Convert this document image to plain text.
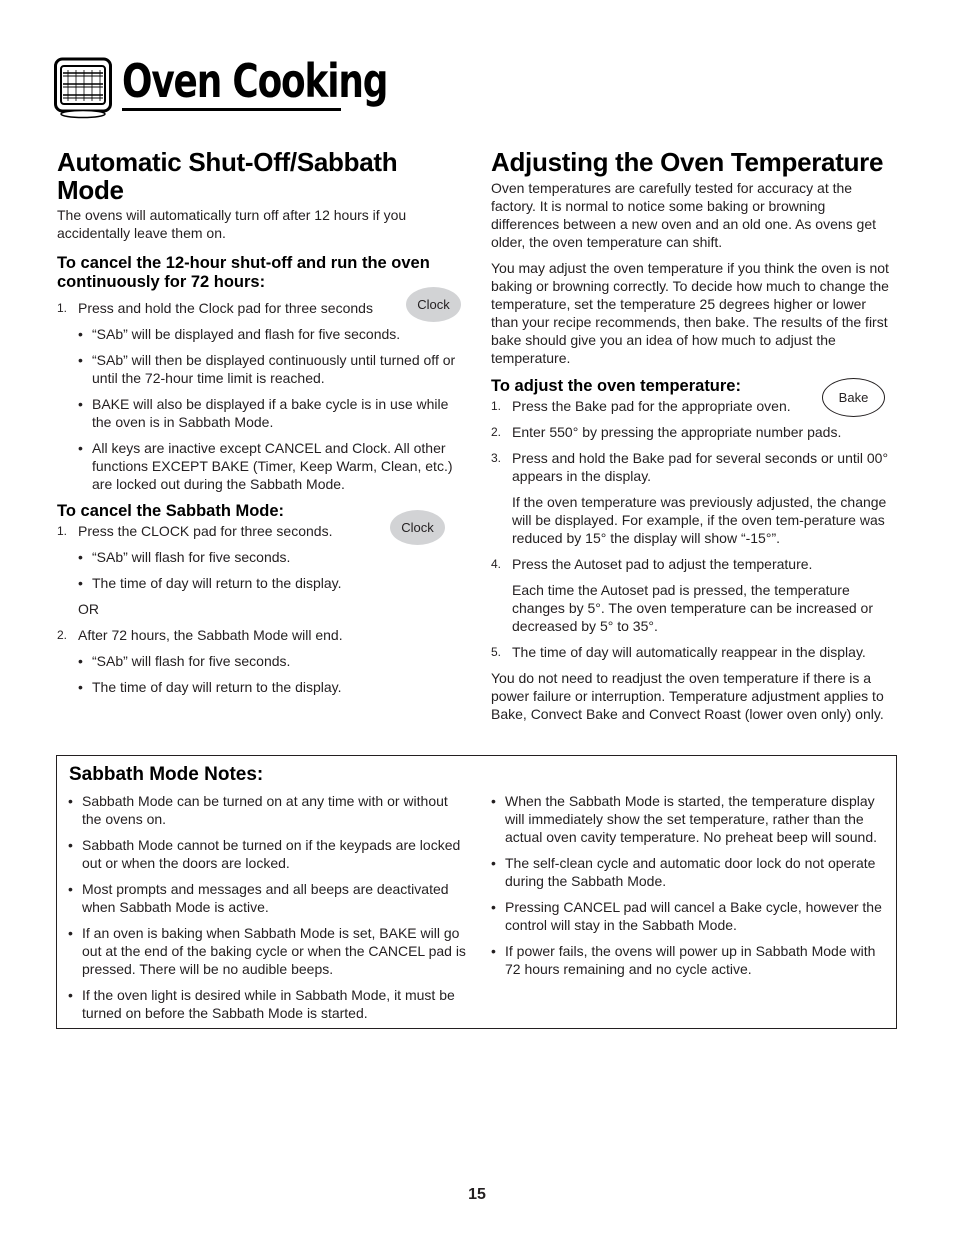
Oven Cooking
Automatic Shut-Off/Sabbath Mode

The ovens will automatically turn off after 12 hours if you accidentally leave them on.

To cancel the 12-hour shut-off and run the oven continuously for 72 hours:
1. Press and hold the Clock pad for three seconds
• “SAb” will be displayed and flash for five seconds.
• “SAb” will then be displayed continuously until turned off or until the 72-hour time limit is reached.
• BAKE will also be displayed if a bake cycle is in use while the oven is in Sabbath Mode.
• All keys are inactive except CANCEL and Clock. All other functions EXCEPT BAKE (Timer, Keep Warm, Clean, etc.) are locked out during the Sabbath Mode.
To cancel the Sabbath Mode:
1. Press the CLOCK pad for three seconds.
• “SAb” will flash for five seconds.
• The time of day will return to the display.

OR

2. After 72 hours, the Sabbath Mode will end.
• “SAb” will flash for five seconds.
• The time of day will return to the display.
Clock
Clock
Adjusting the Oven Temperature

Oven temperatures are carefully tested for accuracy at the factory. It is normal to notice some baking or browning differences between a new oven and an old one. As ovens get older, the oven temperature can shift.

You may adjust the oven temperature if you think the oven is not baking or browning correctly. To decide how much to change the temperature, set the temperature 25 degrees higher or lower than your recipe recommends, then bake. The results of the first bake should give you an idea of how much to adjust the temperature.

To adjust the oven temperature:
1. Press the Bake pad for the appropriate oven.
2. Enter 550° by pressing the appropriate number pads.
3. Press and hold the Bake pad for several seconds or until 00° appears in the display.
If the oven temperature was previously adjusted, the change will be displayed. For example, if the oven tem-perature was reduced by 15° the display will show “-15°”.
4. Press the Autoset pad to adjust the temperature.
Each time the Autoset pad is pressed, the temperature changes by 5°. The oven temperature can be increased or decreased by 5° to 35°.
5. The time of day will automatically reappear in the display.

You do not need to readjust the oven temperature if there is a power failure or interruption. Temperature adjustment applies to Bake, Convect Bake and Convect Roast (lower oven only) only.

Bake
Sabbath Mode Notes:
• Sabbath Mode can be turned on at any time with or without the ovens on.
• Sabbath Mode cannot be turned on if the keypads are locked out or when the doors are locked.
• Most prompts and messages and all beeps are deactivated when Sabbath Mode is active.
• If an oven is baking when Sabbath Mode is set, BAKE will go out at the end of the baking cycle or when the CANCEL pad is pressed. There will be no audible beeps.
• If the oven light is desired while in Sabbath Mode, it must be turned on before the Sabbath Mode is started.
• When the Sabbath Mode is started, the temperature display will immediately show the set temperature, rather than the actual oven cavity temperature. No preheat beep will sound.
• The self-clean cycle and automatic door lock do not operate during the Sabbath Mode.
• Pressing CANCEL pad will cancel a Bake cycle, however the control will stay in the Sabbath Mode.
• If power fails, the ovens will power up in Sabbath Mode with 72 hours remaining and no cycle active.
15
